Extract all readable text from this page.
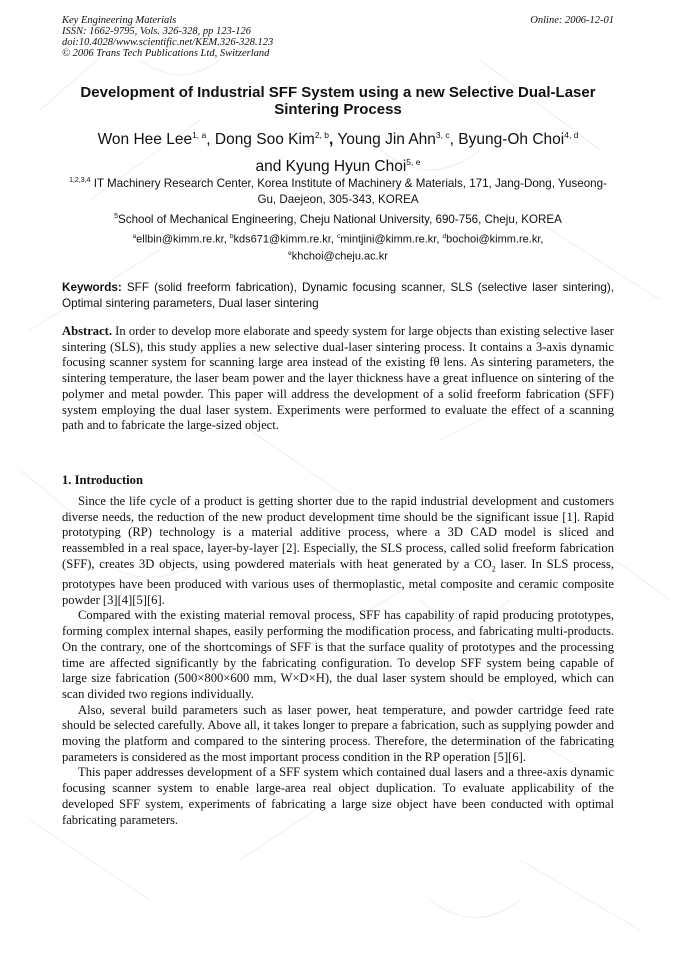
Key Engineering Materials
ISSN: 1662-9795, Vols. 326-328, pp 123-126
doi:10.4028/www.scientific.net/KEM.326-328.123
© 2006 Trans Tech Publications Ltd, Switzerland
Online: 2006-12-01
Development of Industrial SFF System using a new Selective Dual-Laser Sintering Process
Won Hee Lee$^{1, a}$, Dong Soo Kim$^{2, b}$, Young Jin Ahn$^{3, c}$, Byung-Oh Choi$^{4, d}$
and Kyung Hyun Choi$^{5, e}$
$^{1,2,3,4}$ IT Machinery Research Center, Korea Institute of Machinery & Materials, 171, Jang-Dong, Yuseong-Gu, Daejeon, 305-343, KOREA
$^5$School of Mechanical Engineering, Cheju National University, 690-756, Cheju, KOREA
$^a$ellbin@kimm.re.kr, $^b$kds671@kimm.re.kr, $^c$mintjini@kimm.re.kr, $^d$bochoi@kimm.re.kr,
$^e$khchoi@cheju.ac.kr
Keywords: SFF (solid freeform fabrication), Dynamic focusing scanner, SLS (selective laser sintering), Optimal sintering parameters, Dual laser sintering
Abstract. In order to develop more elaborate and speedy system for large objects than existing selective laser sintering (SLS), this study applies a new selective dual-laser sintering process. It contains a 3-axis dynamic focusing scanner system for scanning large area instead of the existing fθ lens. As sintering parameters, the sintering temperature, the laser beam power and the layer thickness have a great influence on sintering of the polymer and metal powder. This paper will address the development of a solid freeform fabrication (SFF) system employing the dual laser system. Experiments were performed to evaluate the effect of a scanning path and to fabricate the large-sized object.
1. Introduction

Since the life cycle of a product is getting shorter due to the rapid industrial development and customers diverse needs, the reduction of the new product development time should be the significant issue [1]. Rapid prototyping (RP) technology is a material additive process, where a 3D CAD model is sliced and reassembled in a real space, layer-by-layer [2]. Especially, the SLS process, called solid freeform fabrication (SFF), creates 3D objects, using powdered materials with heat generated by a $CO_2$ laser. In SLS process, prototypes have been produced with various uses of thermoplastic, metal composite and ceramic composite powder [3][4][5][6].

Compared with the existing material removal process, SFF has capability of rapid producing prototypes, forming complex internal shapes, easily performing the modification process, and fabricating multi-products. On the contrary, one of the shortcomings of SFF is that the surface quality of prototypes and the processing time are affected significantly by the fabricating configuration. To develop SFF system being capable of large size fabrication (500×800×600 mm, W×D×H), the dual laser system should be employed, which can scan divided two regions individually.

Also, several build parameters such as laser power, heat temperature, and powder cartridge feed rate should be selected carefully. Above all, it takes longer to prepare a fabrication, such as supplying powder and moving the platform and compared to the sintering process. Therefore, the determination of the fabricating parameters is considered as the most important process condition in the RP operation [5][6].

This paper addresses development of a SFF system which contained dual lasers and a three-axis dynamic focusing scanner system to enable large-area real object duplication. To evaluate applicability of the developed SFF system, experiments of fabricating a large size object have been conducted with optimal fabricating parameters.
